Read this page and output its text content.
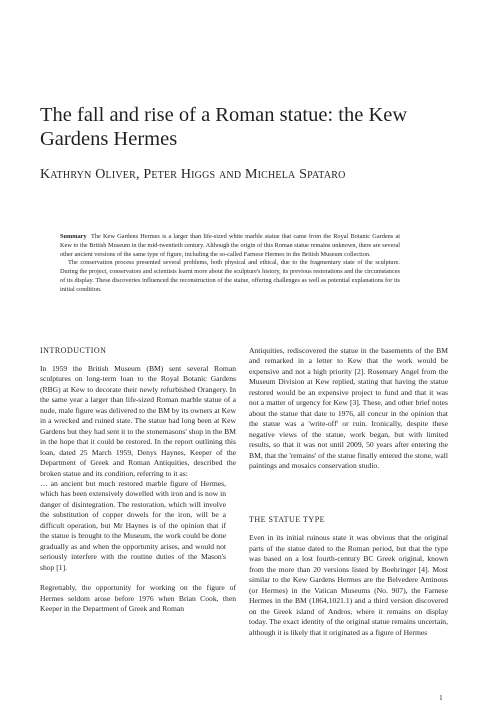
The fall and rise of a Roman statue: the Kew Gardens Hermes
Kathryn Oliver, Peter Higgs and Michela Spataro

Summary The Kew Gardens Hermes is a larger than life-sized white marble statue that came from the Royal Botanic Gardens at Kew to the British Museum in the mid-twentieth century. Although the origin of this Roman statue remains unknown, there are several other ancient versions of the same type of figure, including the so-called Farnese Hermes in the British Museum collection.

The conservation process presented several problems, both physical and ethical, due to the fragmentary state of the sculpture. During the project, conservators and scientists learnt more about the sculpture's history, its previous restorations and the circumstances of its display. These discoveries influenced the reconstruction of the statue, offering challenges as well as potential explanations for its initial condition.

INTRODUCTION

In 1959 the British Museum (BM) sent several Roman sculptures on long-term loan to the Royal Botanic Gardens (RBG) at Kew to decorate their newly refurbished Orangery. In the same year a larger than life-sized Roman marble statue of a nude, male figure was delivered to the BM by its owners at Kew in a wrecked and ruined state. The statue had long been at Kew Gardens but they had sent it to the stonemasons' shop in the BM in the hope that it could be restored. In the report outlining this loan, dated 25 March 1959, Denys Haynes, Keeper of the Department of Greek and Roman Antiquities, described the broken statue and its condition, referring to it as:

… an ancient but much restored marble figure of Hermes, which has been extensively dowelled with iron and is now in danger of disintegration. The restoration, which will involve the substitution of copper dowels for the iron, will be a difficult operation, but Mr Haynes is of the opinion that if the statue is brought to the Museum, the work could be done gradually as and when the opportunity arises, and would not seriously interfere with the routine duties of the Mason's shop [1].

Regrettably, the opportunity for working on the figure of Hermes seldom arose before 1976 when Brian Cook, then Keeper in the Department of Greek and Roman

Antiquities, rediscovered the statue in the basements of the BM and remarked in a letter to Kew that the work would be expensive and not a high priority [2]. Rosemary Angel from the Museum Division at Kew replied, stating that having the statue restored would be an expensive project to fund and that it was not a matter of urgency for Kew [3]. These, and other brief notes about the statue that date to 1976, all concur in the opinion that the statue was a 'write-off' or ruin. Ironically, despite these negative views of the statue, work began, but with limited results, so that it was not until 2009, 50 years after entering the BM, that the 'remains' of the statue finally entered the stone, wall paintings and mosaics conservation studio.

THE STATUE TYPE

Even in its initial ruinous state it was obvious that the original parts of the statue dated to the Roman period, but that the type was based on a lost fourth-century BC Greek original, known from the more than 20 versions listed by Boehringer [4]. Most similar to the Kew Gardens Hermes are the Belvedere Antinous (or Hermes) in the Vatican Museums (No. 907), the Farnese Hermes in the BM (1864,1021.1) and a third version discovered on the Greek island of Andros, where it remains on display today. The exact identity of the original statue remains uncertain, although it is likely that it originated as a figure of Hermes

1
